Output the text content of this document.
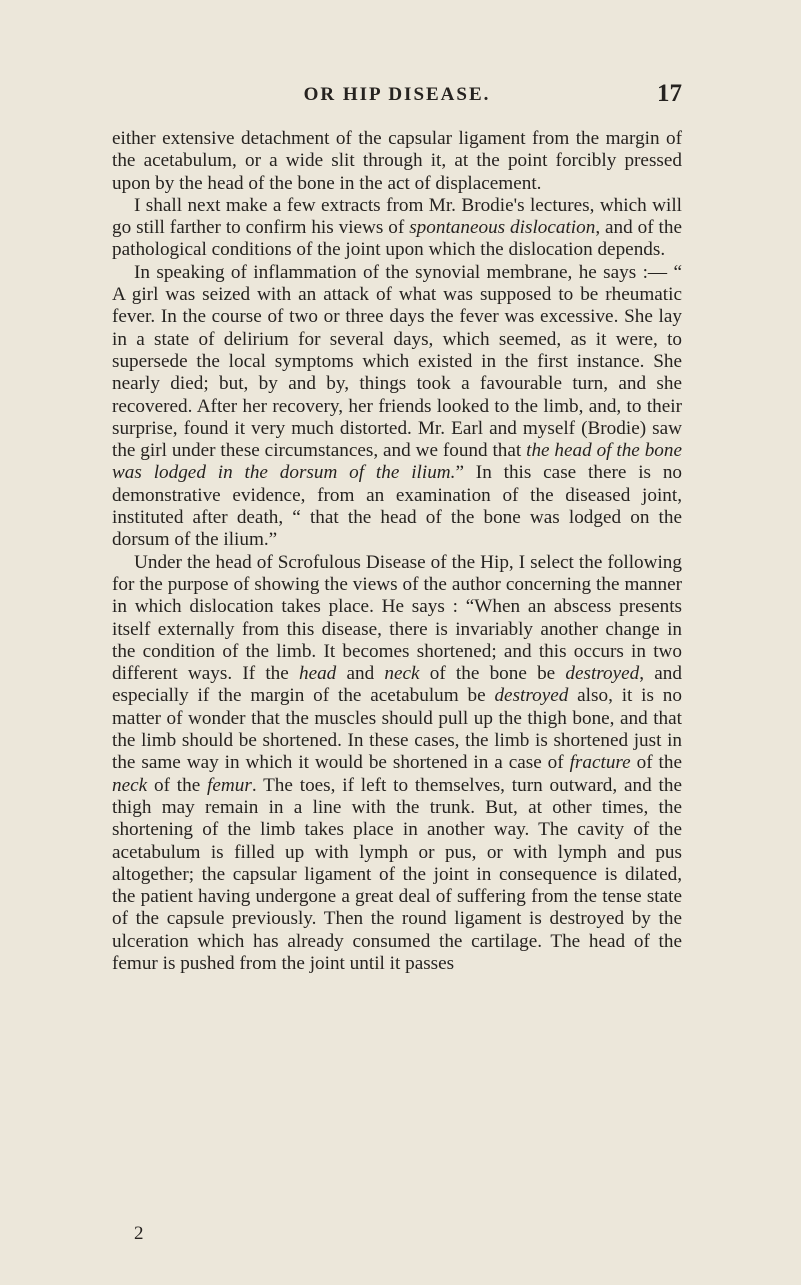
OR HIP DISEASE.	17

either extensive detachment of the capsular ligament from the margin of the acetabulum, or a wide slit through it, at the point forcibly pressed upon by the head of the bone in the act of displacement.

I shall next make a few extracts from Mr. Brodie's lectures, which will go still farther to confirm his views of spontaneous dislocation, and of the pathological conditions of the joint upon which the dislocation depends.

In speaking of inflammation of the synovial membrane, he says :— “ A girl was seized with an attack of what was supposed to be rheumatic fever. In the course of two or three days the fever was excessive. She lay in a state of delirium for several days, which seemed, as it were, to supersede the local symptoms which existed in the first instance. She nearly died; but, by and by, things took a favourable turn, and she recovered. After her recovery, her friends looked to the limb, and, to their surprise, found it very much distorted. Mr. Earl and myself (Brodie) saw the girl under these circumstances, and we found that the head of the bone was lodged in the dorsum of the ilium.” In this case there is no demonstrative evidence, from an examination of the diseased joint, instituted after death, “ that the head of the bone was lodged on the dorsum of the ilium.”

Under the head of Scrofulous Disease of the Hip, I select the following for the purpose of showing the views of the author concerning the manner in which dislocation takes place. He says : “When an abscess presents itself externally from this disease, there is invariably another change in the condition of the limb. It becomes shortened; and this occurs in two different ways. If the head and neck of the bone be destroyed, and especially if the margin of the acetabulum be destroyed also, it is no matter of wonder that the muscles should pull up the thigh bone, and that the limb should be shortened. In these cases, the limb is shortened just in the same way in which it would be shortened in a case of fracture of the neck of the femur. The toes, if left to themselves, turn outward, and the thigh may remain in a line with the trunk. But, at other times, the shortening of the limb takes place in another way. The cavity of the acetabulum is filled up with lymph or pus, or with lymph and pus altogether; the capsular ligament of the joint in consequence is dilated, the patient having undergone a great deal of suffering from the tense state of the capsule previously. Then the round ligament is destroyed by the ulceration which has already consumed the cartilage. The head of the femur is pushed from the joint until it passes

2
